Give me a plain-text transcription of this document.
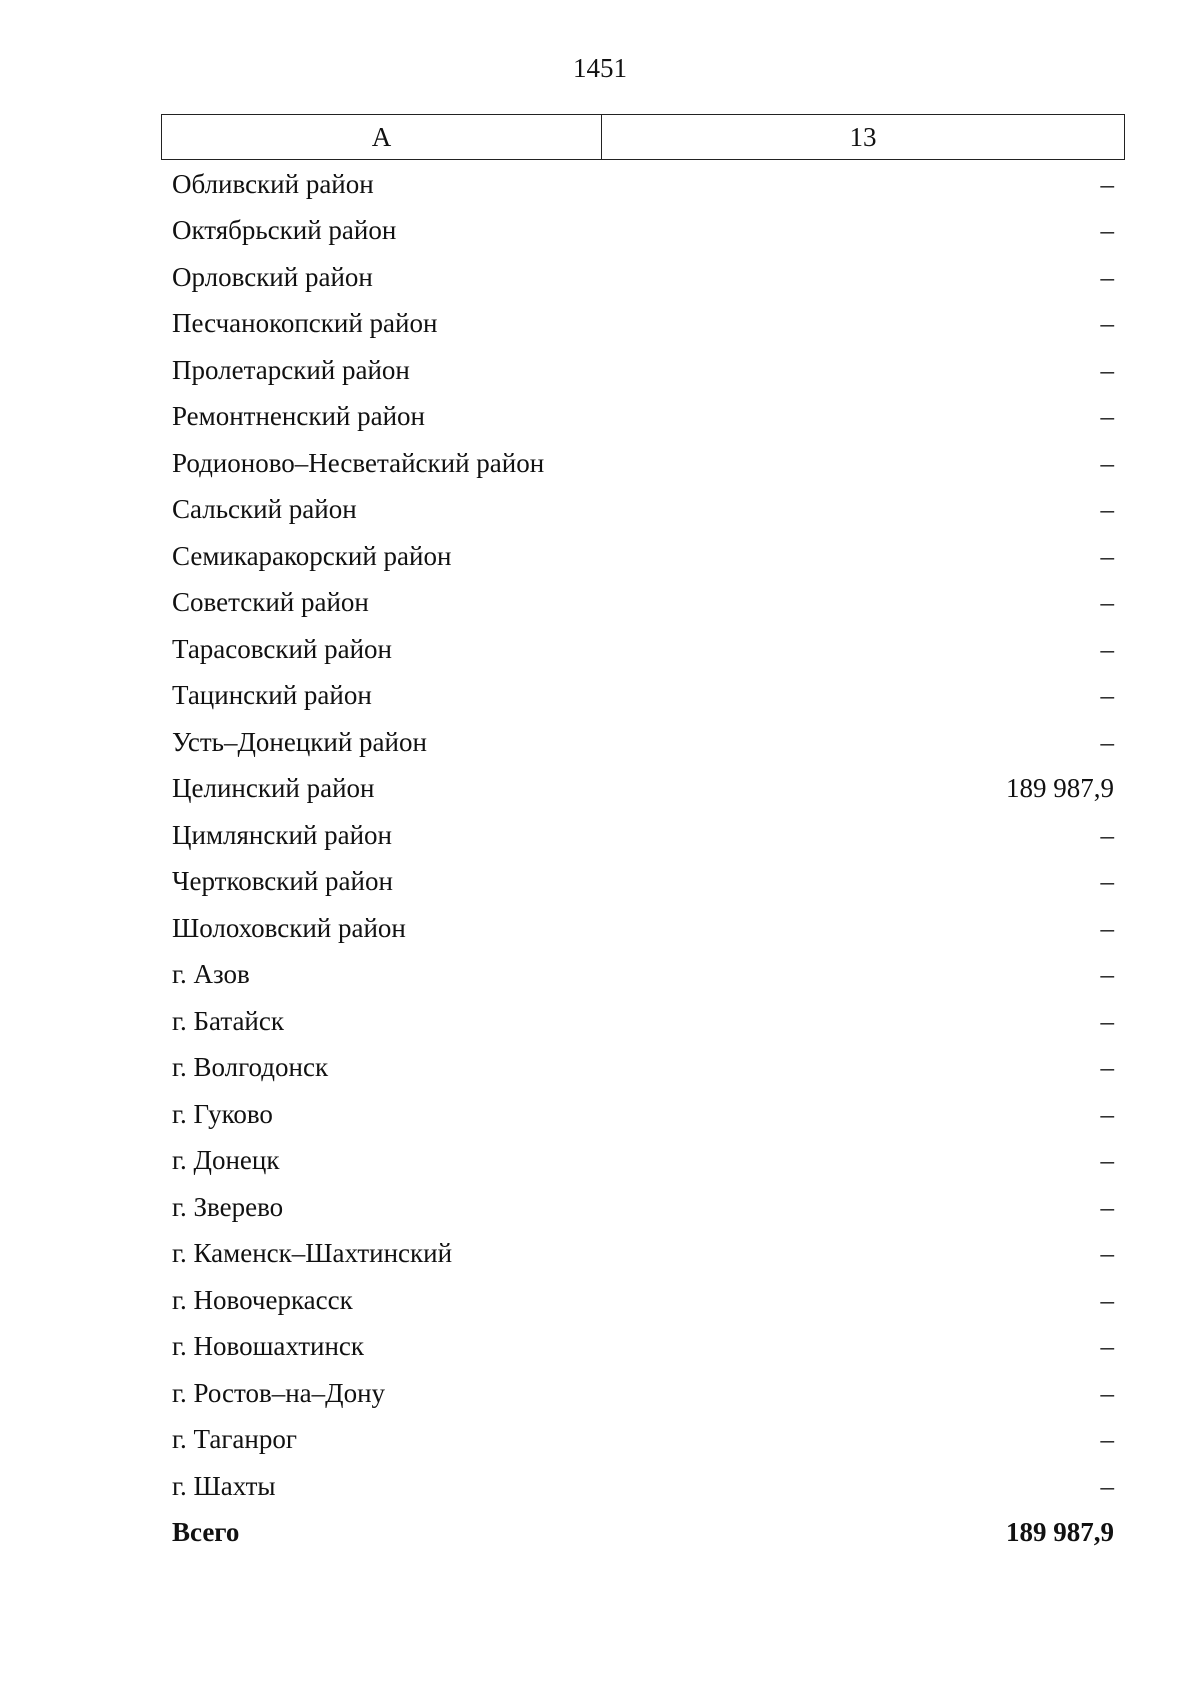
1451
А	13
Обливский район	–
Октябрьский район	–
Орловский район	–
Песчанокопский район	–
Пролетарский район	–
Ремонтненский район	–
Родионово–Несветайский район	–
Сальский район	–
Семикаракорский район	–
Советский район	–
Тарасовский район	–
Тацинский район	–
Усть–Донецкий район	–
Целинский район	189 987,9
Цимлянский район	–
Чертковский район	–
Шолоховский район	–
г. Азов	–
г. Батайск	–
г. Волгодонск	–
г. Гуково	–
г. Донецк	–
г. Зверево	–
г. Каменск–Шахтинский	–
г. Новочеркасск	–
г. Новошахтинск	–
г. Ростов–на–Дону	–
г. Таганрог	–
г. Шахты	–
Всего	189 987,9
